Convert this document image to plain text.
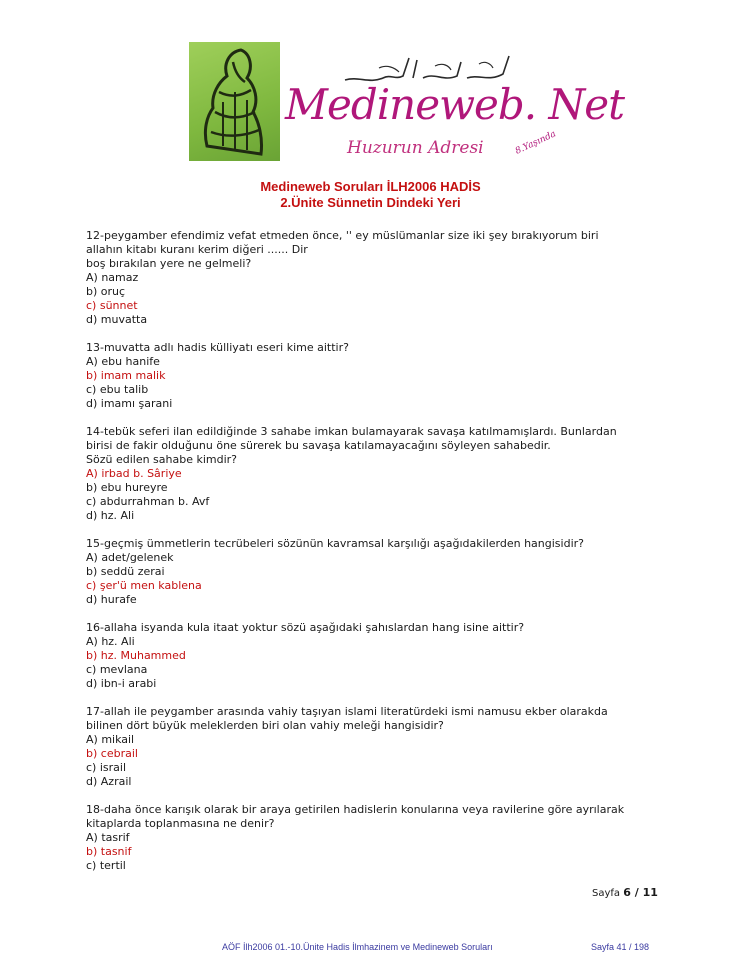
Medineweb. Net
Huzurun Adresi	8.Yaşında
Medineweb Soruları İLH2006 HADİS
2.Ünite Sünnetin Dindeki Yeri
12-peygamber efendimiz vefat etmeden önce, '' ey müslümanlar size iki şey bırakıyorum biri
allahın kitabı kuranı kerim diğeri ...... Dir
boş bırakılan yere ne gelmeli?
A) namaz
b) oruç
c) sünnet
d) muvatta
13-muvatta adlı hadis külliyatı eseri kime aittir?
A) ebu hanife
b) imam malik
c) ebu talib
d) imamı şarani
14-tebük seferi ilan edildiğinde 3 sahabe imkan bulamayarak savaşa katılmamışlardı. Bunlardan
birisi de fakir olduğunu öne sürerek bu savaşa katılamayacağını söyleyen sahabedir.
Sözü edilen sahabe kimdir?
A) irbad b. Sâriye
b) ebu hureyre
c) abdurrahman b. Avf
d) hz. Ali
15-geçmiş ümmetlerin tecrübeleri sözünün kavramsal karşılığı aşağıdakilerden hangisidir?
A) adet/gelenek
b) seddü zerai
c) şer'ü men kablena
d) hurafe
16-allaha isyanda kula itaat yoktur sözü aşağıdaki şahıslardan hang isine aittir?
A) hz. Ali
b) hz. Muhammed
c) mevlana
d) ibn-i arabi
17-allah ile peygamber arasında vahiy taşıyan islami literatürdeki ismi namusu ekber olarakda
bilinen dört büyük meleklerden biri olan vahiy meleği hangisidir?
A) mikail
b) cebrail
c) israil
d) Azrail
18-daha önce karışık olarak bir araya getirilen hadislerin konularına veya ravilerine göre ayrılarak
kitaplarda toplanmasına ne denir?
A) tasrif
b) tasnif
c) tertil
Sayfa 6 / 11
AÖF İlh2006 01.-10.Ünite Hadis İlmhazinem ve Medineweb Soruları	Sayfa 41 / 198
